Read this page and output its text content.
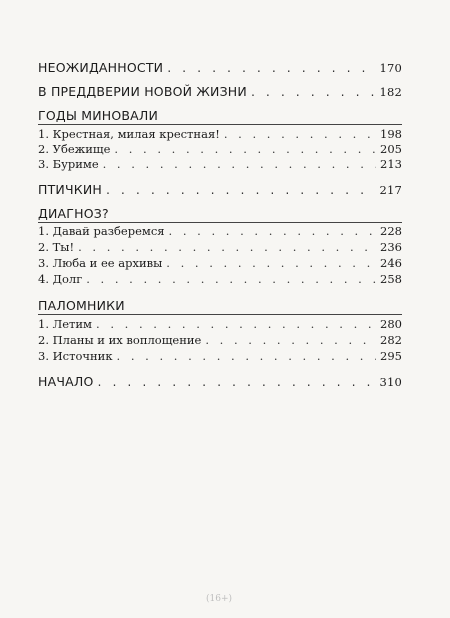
НЕОЖИДАННОСТИ . . .	170
В ПРЕДДВЕРИИ НОВОЙ ЖИЗНИ . . .	182
ГОДЫ МИНОВАЛИ
1. Крестная, милая крестная! . . .	198
2. Убежище . . .	205
3. Буриме . . .	213
ПТИЧКИН . . .	217
ДИАГНОЗ?
1. Давай разберемся . . .	228
2. Ты! . . .	236
3. Люба и ее архивы . . .	246
4. Долг . . .	258
ПАЛОМНИКИ
1. Летим . . .	280
2. Планы и их воплощение . . .	282
3. Источник . . .	295
НАЧАЛО . . .	310
(16+)
